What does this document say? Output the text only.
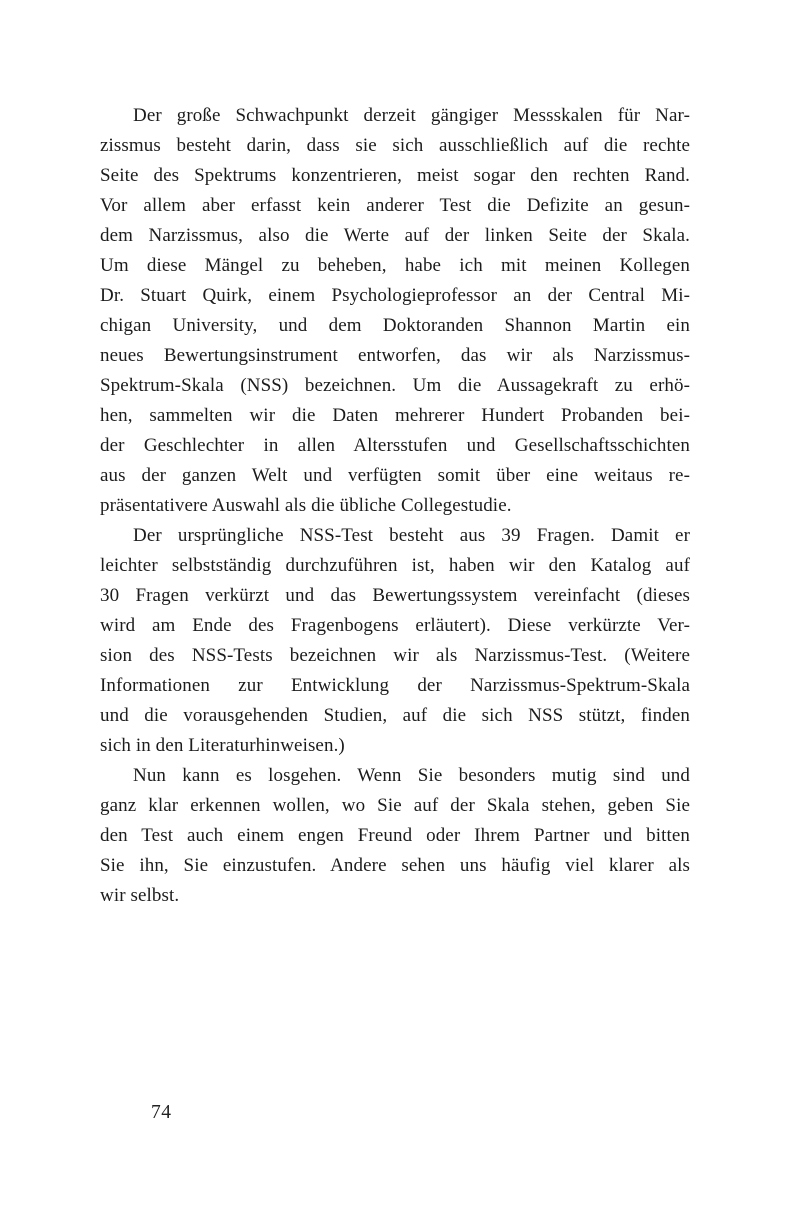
Der große Schwachpunkt derzeit gängiger Messskalen für Nar-
zissmus besteht darin, dass sie sich ausschließlich auf die rechte
Seite des Spektrums konzentrieren, meist sogar den rechten Rand.
Vor allem aber erfasst kein anderer Test die Defizite an gesun-
dem Narzissmus, also die Werte auf der linken Seite der Skala.
Um diese Mängel zu beheben, habe ich mit meinen Kollegen
Dr. Stuart Quirk, einem Psychologieprofessor an der Central Mi-
chigan University, und dem Doktoranden Shannon Martin ein
neues Bewertungsinstrument entworfen, das wir als Narzissmus-
Spektrum-Skala (NSS) bezeichnen. Um die Aussagekraft zu erhö-
hen, sammelten wir die Daten mehrerer Hundert Probanden bei-
der Geschlechter in allen Altersstufen und Gesellschaftsschichten
aus der ganzen Welt und verfügten somit über eine weitaus re-
präsentativere Auswahl als die übliche Collegestudie.
Der ursprüngliche NSS-Test besteht aus 39 Fragen. Damit er
leichter selbstständig durchzuführen ist, haben wir den Katalog auf
30 Fragen verkürzt und das Bewertungssystem vereinfacht (dieses
wird am Ende des Fragenbogens erläutert). Diese verkürzte Ver-
sion des NSS-Tests bezeichnen wir als Narzissmus-Test. (Weitere
Informationen zur Entwicklung der Narzissmus-Spektrum-Skala
und die vorausgehenden Studien, auf die sich NSS stützt, finden
sich in den Literaturhinweisen.)
Nun kann es losgehen. Wenn Sie besonders mutig sind und
ganz klar erkennen wollen, wo Sie auf der Skala stehen, geben Sie
den Test auch einem engen Freund oder Ihrem Partner und bitten
Sie ihn, Sie einzustufen. Andere sehen uns häufig viel klarer als
wir selbst.
74
